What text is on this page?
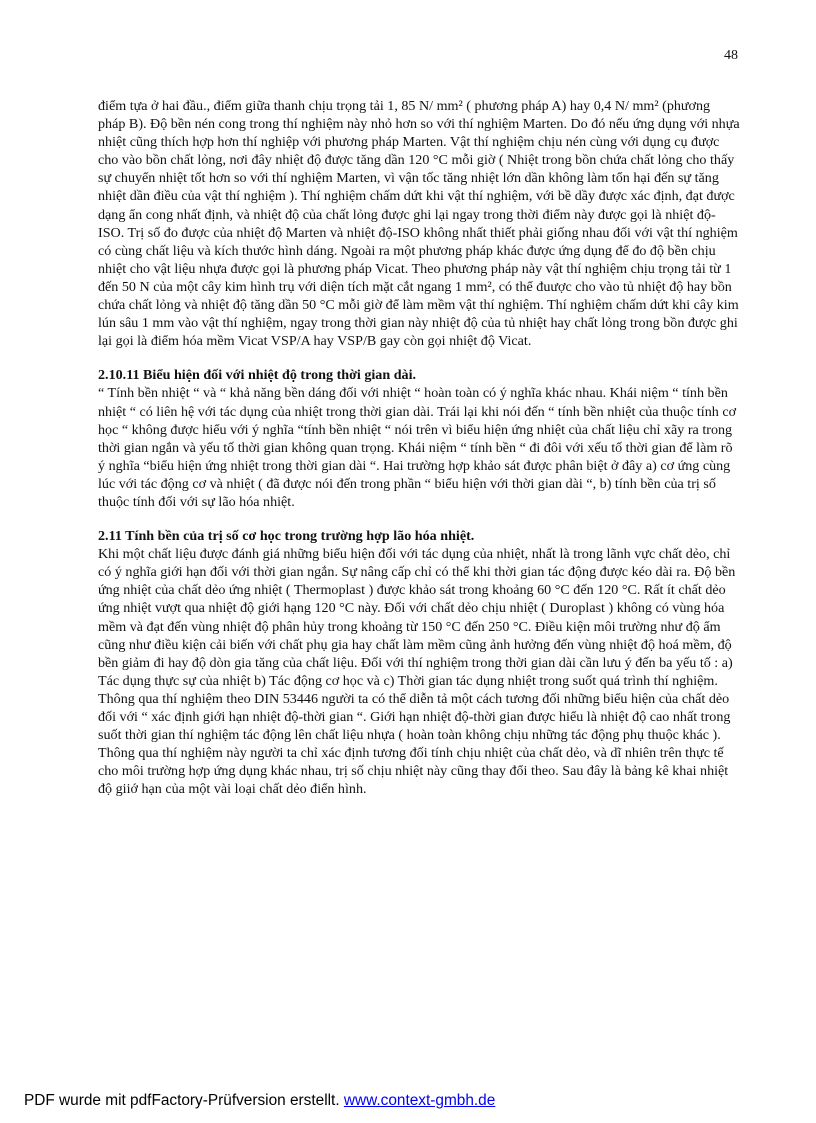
48

điểm tựa ở hai đầu., điểm giữa thanh chịu trọng tải 1, 85 N/ mm² ( phương pháp A) hay 0,4 N/ mm² (phương pháp B). Độ bền nén cong trong thí nghiệm này nhỏ hơn so với thí nghiệm Marten. Do đó nếu ứng dụng với nhựa nhiệt cũng thích hợp hơn thí nghiệp với phương pháp Marten. Vật thí nghiệm chịu nén cùng với dụng cụ được cho vào bồn chất lỏng, nơi đây nhiệt độ được tăng dần 120 °C mỗi giờ ( Nhiệt trong bồn chứa chất lỏng cho thấy sự chuyển nhiệt tốt hơn so với thí nghiệm Marten, vì vận tốc tăng nhiệt lớn dần không làm tổn hại đến sự tăng nhiệt dần điều của vật thí nghiệm ). Thí nghiệm chấm dứt khi vật thí nghiệm, với bề dầy được xác định, đạt được dạng ẩn cong nhất định, và nhiệt độ của chất lỏng được ghi lại ngay trong thời điểm này được gọi là nhiệt độ-ISO. Trị số đo được của nhiệt độ Marten và nhiệt độ-ISO không nhất thiết phải giống nhau đối với vật thí nghiệm có cùng chất liệu và kích thước hình dáng. Ngoài ra một phương pháp khác được ứng dụng để đo độ bền chịu nhiệt cho vật liệu nhựa được gọi là phương pháp Vicat. Theo phương pháp này vật thí nghiệm chịu trọng tải từ 1 đến 50 N của một cây kim hình trụ với diện tích mặt cắt ngang 1 mm², có thể đuược cho vào tủ nhiệt độ hay bồn chứa chất lỏng và nhiệt độ tăng dần 50 °C mỗi giờ để làm mềm vật thí nghiệm. Thí nghiệm chấm dứt khi cây kim lún sâu 1 mm vào vật thí nghiệm, ngay trong thời gian này nhiệt độ của tủ nhiệt hay chất lỏng trong bồn được ghi lại gọi là điểm hóa mềm Vicat VSP/A hay VSP/B gay còn gọi nhiệt độ Vicat.

2.10.11 Biểu hiện đối với nhiệt độ trong thời gian dài.

“ Tính bền nhiệt “ và “ khả năng bền dáng đối với nhiệt “ hoàn toàn có ý nghĩa khác nhau. Khái niệm “ tính bền nhiệt “ có liên hệ với tác dụng của nhiệt trong thời gian dài. Trái lại khi nói đến “ tính bền nhiệt của thuộc tính cơ học “ không được hiểu với ý nghĩa “tính bền nhiệt “ nói trên vì biểu hiện ứng nhiệt của chất liệu chỉ xãy ra trong thời gian ngắn và yếu tố thời gian không quan trọng. Khái niệm “ tính bền “ đi đôi với xếu tố thời gian để làm rõ ý nghĩa “biểu hiện ứng nhiệt trong thời gian dài “. Hai trường hợp khảo sát được phân biệt ở đây a) cơ ứng cùng lúc với tác động cơ và nhiệt ( đã được nói đến trong phần “ biểu hiện với thời gian dài “, b) tính bền của trị số thuộc tính đối với sự lão hóa nhiệt.

2.11 Tính bền của trị số cơ học trong trường hợp lão hóa nhiệt.

Khi một chất liệu được đánh giá những biểu hiện đối với tác dụng của nhiệt, nhất là trong lãnh vực chất dẻo, chỉ có ý nghĩa giới hạn đối với thời gian ngắn. Sự nâng cấp chỉ có thể khi thời gian tác động được kéo dài ra. Độ bền ứng nhiệt của chất dẻo ứng nhiệt ( Thermoplast ) được khảo sát trong khoảng 60 °C đến 120 °C. Rất ít chất dẻo ứng nhiệt vượt qua nhiệt độ giới hạng 120 °C này. Đối với chất dẻo chịu nhiệt ( Duroplast ) không có vùng hóa mềm và đạt đến vùng nhiệt độ phân hủy trong khoảng từ 150 °C đến 250 °C. Điều kiện môi trường như độ ẩm cũng như điều kiện cải biến với chất phụ gia hay chất làm mềm cũng ảnh hưởng đến vùng nhiệt độ hoá mềm, độ bền giảm đi hay độ dòn gia tăng của chất liệu. Đối với thí nghiệm trong thời gian dài cần lưu ý đến ba yếu tố : a) Tác dụng thực sự của nhiệt b) Tác động cơ học và c) Thời gian tác dụng nhiệt trong suốt quá trình thí nghiệm. Thông qua thí nghiệm theo DIN 53446 người ta có thể diễn tả một cách tương đối những biểu hiện của chất dẻo đối với “ xác định giới hạn nhiệt độ-thời gian “. Giới hạn nhiệt độ-thời gian được hiểu là nhiệt độ cao nhất trong suốt thời gian thí nghiệm tác động lên chất liệu nhựa ( hoàn toàn không chịu những tác động phụ thuộc khác ). Thông qua thí nghiệm này người ta chỉ xác định tương đối tính chịu nhiệt của chất dẻo, và dĩ nhiên trên thực tế cho môi trường hợp ứng dụng khác nhau, trị số chịu nhiệt này cũng thay đổi theo. Sau đây là bảng kê khai nhiệt độ giiớ hạn của một vài loại chất dẻo điển hình.

PDF wurde mit pdfFactory-Prüfversion erstellt. www.context-gmbh.de
